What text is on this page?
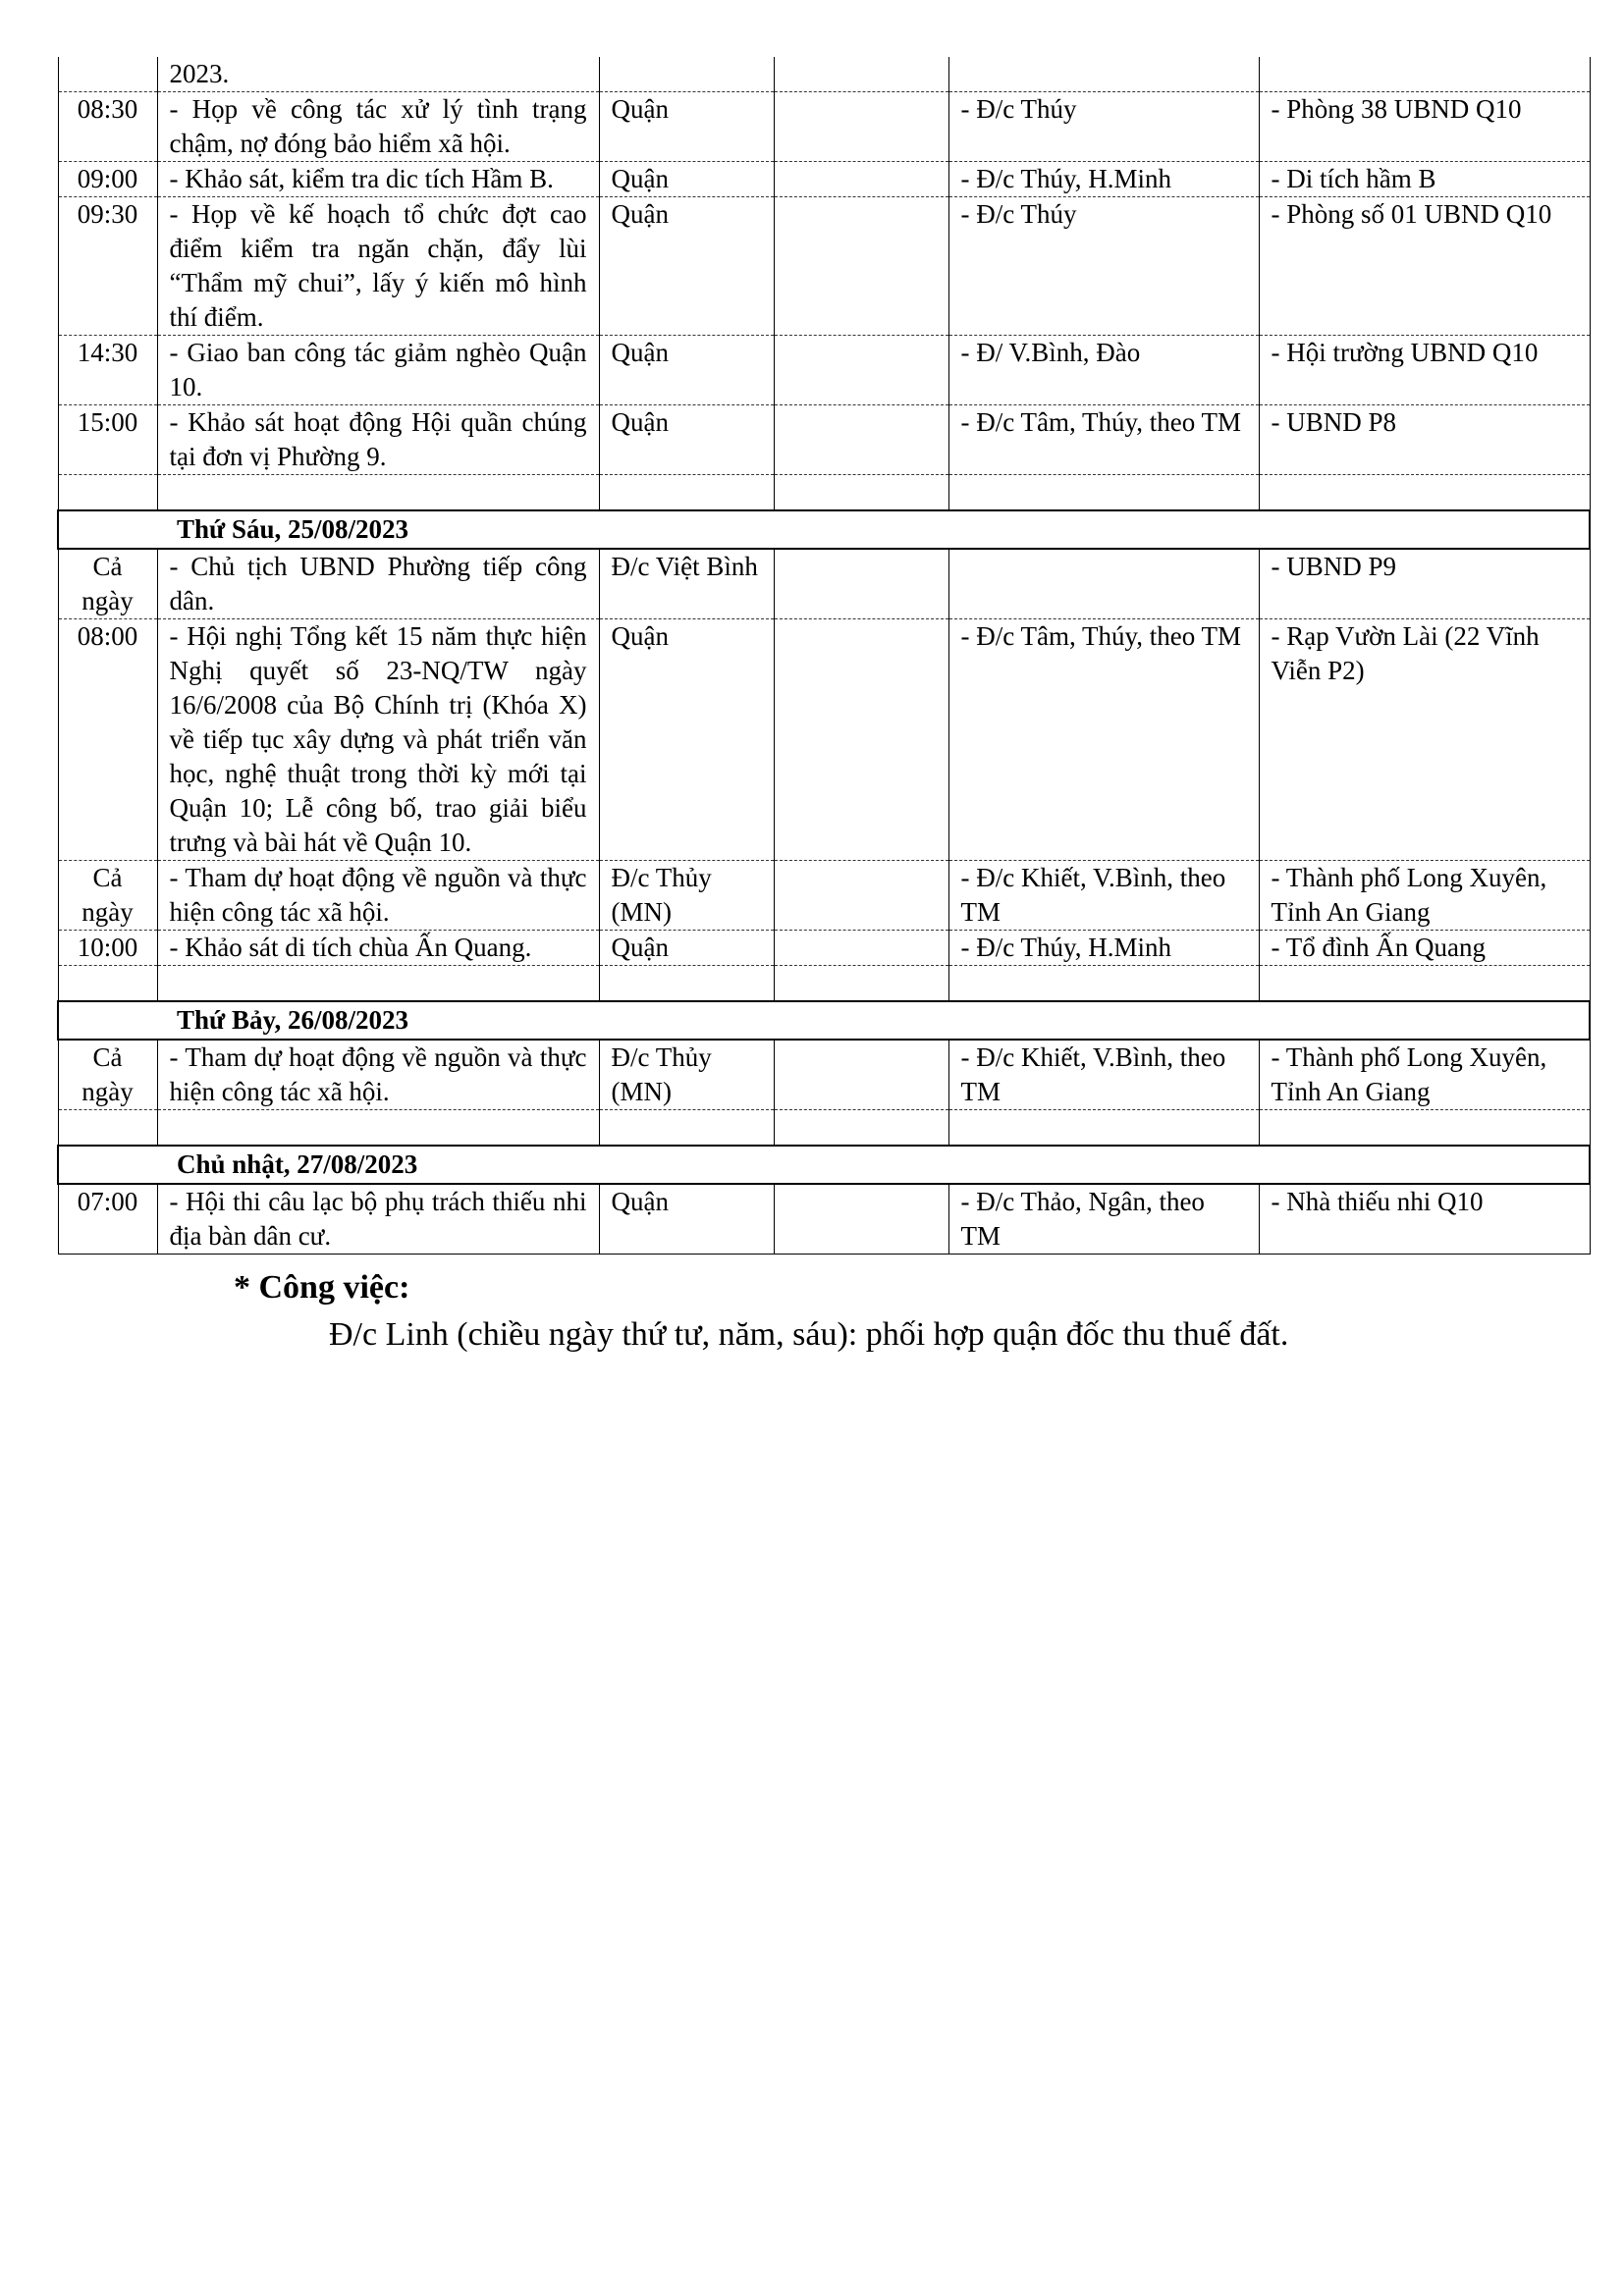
	2023.				
08:30	- Họp về công tác xử lý tình trạng chậm, nợ đóng bảo hiểm xã hội.	Quận		- Đ/c Thúy	- Phòng 38 UBND Q10
09:00	- Khảo sát, kiểm tra dic tích Hầm B.	Quận		- Đ/c Thúy, H.Minh	- Di tích hầm B
09:30	- Họp về kế hoạch tổ chức đợt cao điểm kiểm tra ngăn chặn, đẩy lùi “Thẩm mỹ chui”, lấy ý kiến mô hình thí điểm.	Quận		- Đ/c Thúy	- Phòng số 01 UBND Q10
14:30	- Giao ban công tác giảm nghèo Quận 10.	Quận		- Đ/ V.Bình, Đào	- Hội trường UBND Q10
15:00	- Khảo sát hoạt động Hội quần chúng tại đơn vị Phường 9.	Quận		- Đ/c Tâm, Thúy, theo TM	- UBND P8

Thứ Sáu, 25/08/2023					
Cả ngày	- Chủ tịch UBND Phường tiếp công dân.	Đ/c Việt Bình			- UBND P9
08:00	- Hội nghị Tổng kết 15 năm thực hiện Nghị quyết số 23-NQ/TW ngày 16/6/2008 của Bộ Chính trị (Khóa X) về tiếp tục xây dựng và phát triển văn học, nghệ thuật trong thời kỳ mới tại Quận 10; Lễ công bố, trao giải biểu trưng và bài hát về Quận 10.	Quận		- Đ/c Tâm, Thúy, theo TM	- Rạp Vườn Lài (22 Vĩnh Viễn P2)
Cả ngày	- Tham dự hoạt động về nguồn và thực hiện công tác xã hội.	Đ/c Thủy (MN)		- Đ/c Khiết, V.Bình, theo TM	- Thành phố Long Xuyên, Tỉnh An Giang
10:00	- Khảo sát di tích chùa Ấn Quang.	Quận		- Đ/c Thúy, H.Minh	- Tổ đình Ấn Quang

Thứ Bảy, 26/08/2023					
Cả ngày	- Tham dự hoạt động về nguồn và thực hiện công tác xã hội.	Đ/c Thủy (MN)		- Đ/c Khiết, V.Bình, theo TM	- Thành phố Long Xuyên, Tỉnh An Giang

Chủ nhật, 27/08/2023					
07:00	- Hội thi câu lạc bộ phụ trách thiếu nhi địa bàn dân cư.	Quận		- Đ/c Thảo, Ngân, theo TM	- Nhà thiếu nhi Q10
* Công việc:
Đ/c Linh (chiều ngày thứ tư, năm, sáu): phối hợp quận đốc thu thuế đất.
